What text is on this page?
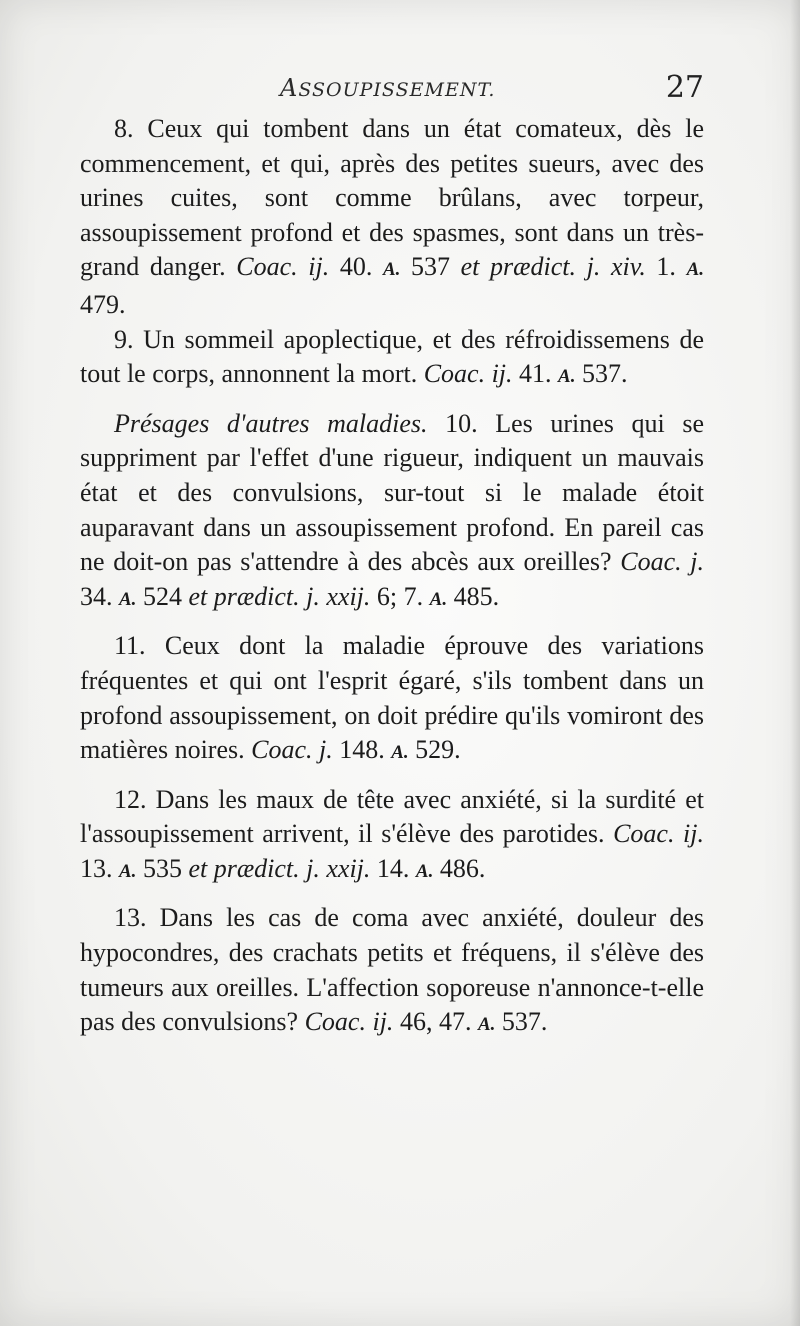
ASSOUPISSEMENT.	27

8. Ceux qui tombent dans un état comateux, dès le commencement, et qui, après des petites sueurs, avec des urines cuites, sont comme brûlans, avec torpeur, assoupissement profond et des spasmes, sont dans un très-grand danger. Coac. ij. 40. A. 537 et prædict. j. xiv. 1. A. 479.

9. Un sommeil apoplectique, et des réfroidissemens de tout le corps, annonnent la mort. Coac. ij. 41. A. 537.

Présages d'autres maladies. 10. Les urines qui se suppriment par l'effet d'une rigueur, indiquent un mauvais état et des convulsions, sur-tout si le malade étoit auparavant dans un assoupissement profond. En pareil cas ne doit-on pas s'attendre à des abcès aux oreilles? Coac. j. 34. A. 524 et prædict. j. xxij. 6; 7. A. 485.

11. Ceux dont la maladie éprouve des variations fréquentes et qui ont l'esprit égaré, s'ils tombent dans un profond assoupissement, on doit prédire qu'ils vomiront des matières noires. Coac. j. 148. A. 529.

12. Dans les maux de tête avec anxiété, si la surdité et l'assoupissement arrivent, il s'élève des parotides. Coac. ij. 13. A. 535 et prædict. j. xxij. 14. A. 486.

13. Dans les cas de coma avec anxiété, douleur des hypocondres, des crachats petits et fréquens, il s'élève des tumeurs aux oreilles. L'affection soporeuse n'annonce-t-elle pas des convulsions? Coac. ij. 46, 47. A. 537.
